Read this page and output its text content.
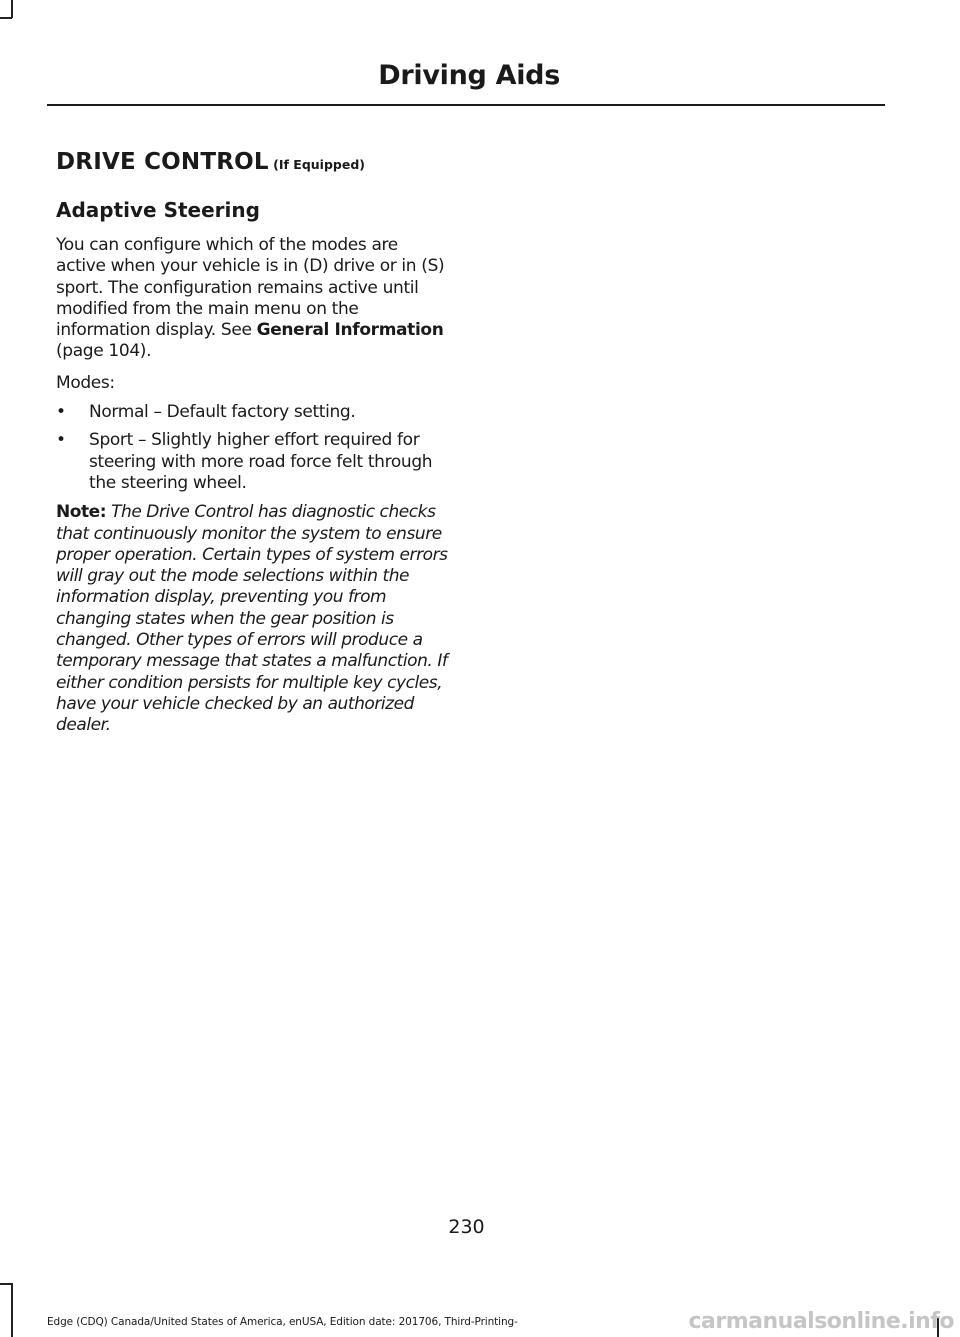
Driving Aids
DRIVE CONTROL (If Equipped)
Adaptive Steering

You can configure which of the modes are active when your vehicle is in (D) drive or in (S) sport. The configuration remains active until modified from the main menu on the information display. See General Information (page 104).

Modes:

• Normal – Default factory setting.
• Sport – Slightly higher effort required for steering with more road force felt through the steering wheel.

Note: The Drive Control has diagnostic checks that continuously monitor the system to ensure proper operation. Certain types of system errors will gray out the mode selections within the information display, preventing you from changing states when the gear position is changed. Other types of errors will produce a temporary message that states a malfunction. If either condition persists for multiple key cycles, have your vehicle checked by an authorized dealer.

230
Edge (CDQ) Canada/United States of America, enUSA, Edition date: 201706, Third-Printing-	carmanualsonline.info
